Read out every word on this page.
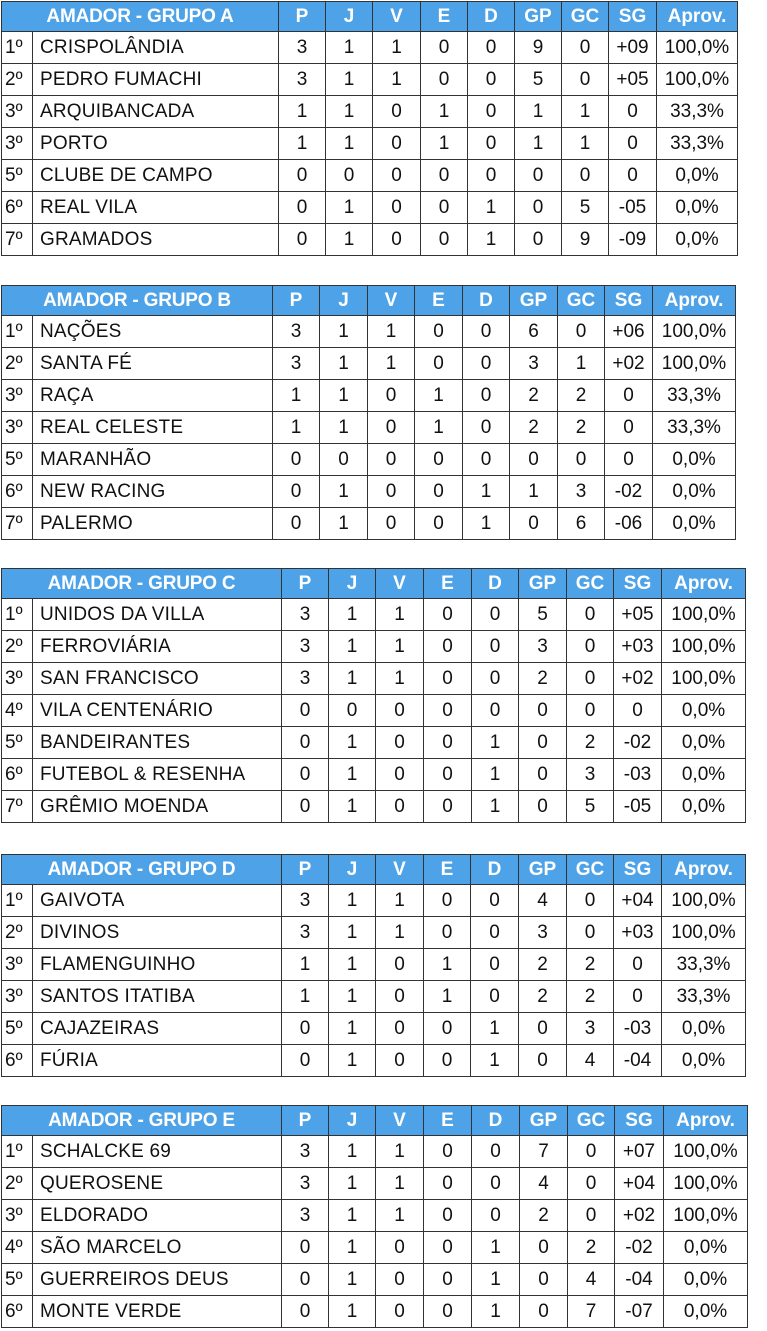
AMADOR - GRUPO A		P	J	V	E	D	GP	GC	SG	Aprov.
1º	CRISPOLÂNDIA	3	1	1	0	0	9	0	+09	100,0%
2º	PEDRO FUMACHI	3	1	1	0	0	5	0	+05	100,0%
3º	ARQUIBANCADA	1	1	0	1	0	1	1	0	33,3%
3º	PORTO	1	1	0	1	0	1	1	0	33,3%
5º	CLUBE DE CAMPO	0	0	0	0	0	0	0	0	0,0%
6º	REAL VILA	0	1	0	0	1	0	5	-05	0,0%
7º	GRAMADOS	0	1	0	0	1	0	9	-09	0,0%
AMADOR - GRUPO B		P	J	V	E	D	GP	GC	SG	Aprov.
1º	NAÇÕES	3	1	1	0	0	6	0	+06	100,0%
2º	SANTA FÉ	3	1	1	0	0	3	1	+02	100,0%
3º	RAÇA	1	1	0	1	0	2	2	0	33,3%
3º	REAL CELESTE	1	1	0	1	0	2	2	0	33,3%
5º	MARANHÃO	0	0	0	0	0	0	0	0	0,0%
6º	NEW RACING	0	1	0	0	1	1	3	-02	0,0%
7º	PALERMO	0	1	0	0	1	0	6	-06	0,0%
AMADOR - GRUPO C		P	J	V	E	D	GP	GC	SG	Aprov.
1º	UNIDOS DA VILLA	3	1	1	0	0	5	0	+05	100,0%
2º	FERROVIÁRIA	3	1	1	0	0	3	0	+03	100,0%
3º	SAN FRANCISCO	3	1	1	0	0	2	0	+02	100,0%
4º	VILA CENTENÁRIO	0	0	0	0	0	0	0	0	0,0%
5º	BANDEIRANTES	0	1	0	0	1	0	2	-02	0,0%
6º	FUTEBOL & RESENHA	0	1	0	0	1	0	3	-03	0,0%
7º	GRÊMIO MOENDA	0	1	0	0	1	0	5	-05	0,0%
AMADOR - GRUPO D		P	J	V	E	D	GP	GC	SG	Aprov.
1º	GAIVOTA	3	1	1	0	0	4	0	+04	100,0%
2º	DIVINOS	3	1	1	0	0	3	0	+03	100,0%
3º	FLAMENGUINHO	1	1	0	1	0	2	2	0	33,3%
3º	SANTOS ITATIBA	1	1	0	1	0	2	2	0	33,3%
5º	CAJAZEIRAS	0	1	0	0	1	0	3	-03	0,0%
6º	FÚRIA	0	1	0	0	1	0	4	-04	0,0%
AMADOR - GRUPO E		P	J	V	E	D	GP	GC	SG	Aprov.
1º	SCHALCKE 69	3	1	1	0	0	7	0	+07	100,0%
2º	QUEROSENE	3	1	1	0	0	4	0	+04	100,0%
3º	ELDORADO	3	1	1	0	0	2	0	+02	100,0%
4º	SÃO MARCELO	0	1	0	0	1	0	2	-02	0,0%
5º	GUERREIROS DEUS	0	1	0	0	1	0	4	-04	0,0%
6º	MONTE VERDE	0	1	0	0	1	0	7	-07	0,0%
